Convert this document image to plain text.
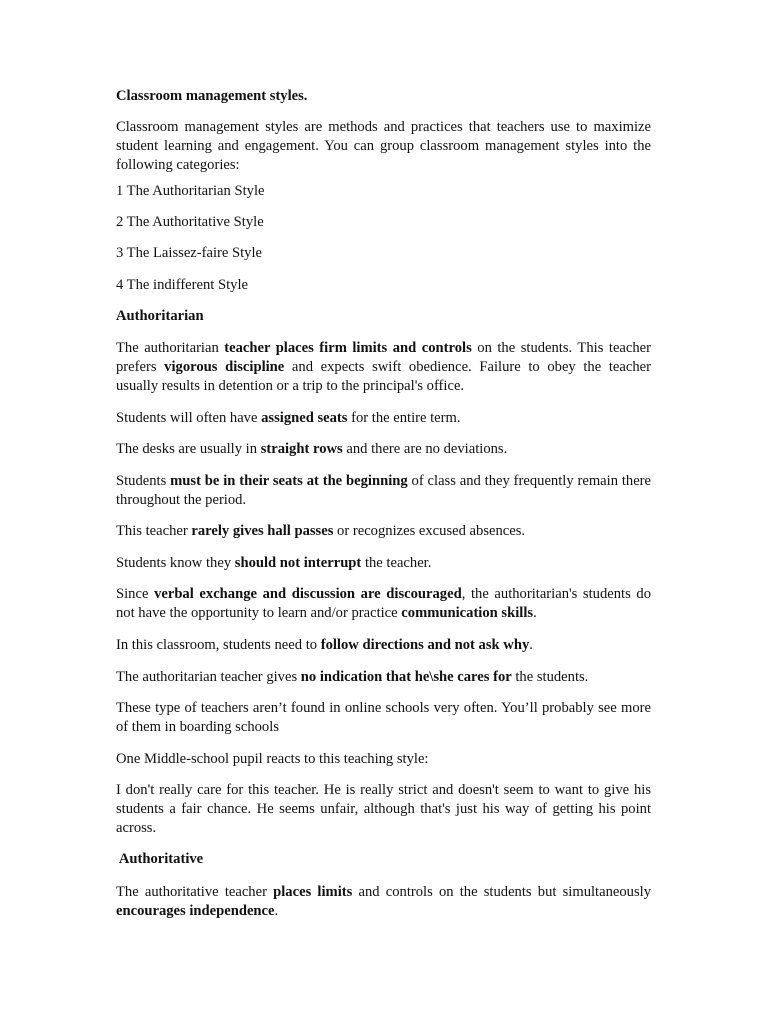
Classroom management styles.

Classroom management styles are methods and practices that teachers use to maximize student learning and engagement. You can group classroom management styles into the following categories:

1 The Authoritarian Style

2 The Authoritative Style

3 The Laissez-faire Style

4 The indifferent Style

Authoritarian

The authoritarian teacher places firm limits and controls on the students. This teacher prefers vigorous discipline and expects swift obedience. Failure to obey the teacher usually results in detention or a trip to the principal's office.

Students will often have assigned seats for the entire term.

The desks are usually in straight rows and there are no deviations.

Students must be in their seats at the beginning of class and they frequently remain there throughout the period.

This teacher rarely gives hall passes or recognizes excused absences.

Students know they should not interrupt the teacher.

Since verbal exchange and discussion are discouraged, the authoritarian's students do not have the opportunity to learn and/or practice communication skills.

In this classroom, students need to follow directions and not ask why.

The authoritarian teacher gives no indication that he\she cares for the students.

These type of teachers aren’t found in online schools very often. You’ll probably see more of them in boarding schools

One Middle-school pupil reacts to this teaching style:

I don't really care for this teacher. He is really strict and doesn't seem to want to give his students a fair chance. He seems unfair, although that's just his way of getting his point across.

Authoritative

The authoritative teacher places limits and controls on the students but simultaneously encourages independence.
